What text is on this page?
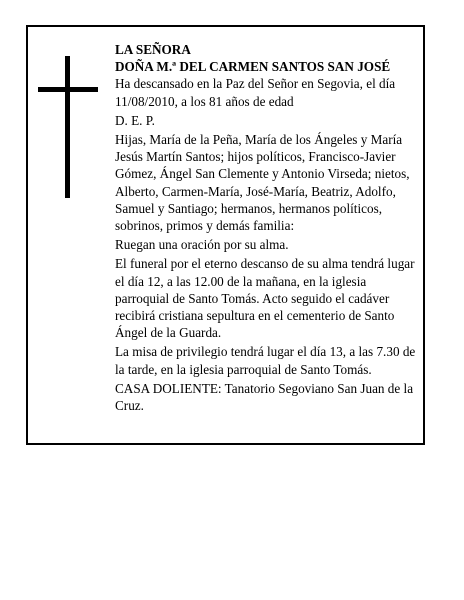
LA SEÑORA

DOÑA M.ª DEL CARMEN SANTOS SAN JOSÉ

Ha descansado en la Paz del Señor en Segovia, el día 11/08/2010, a los 81 años de edad

D. E. P.

Hijas, María de la Peña, María de los Ángeles y María Jesús Martín Santos; hijos políticos, Francisco-Javier Gómez, Ángel San Clemente y Antonio Virseda; nietos, Alberto, Carmen-María, José-María, Beatriz, Adolfo, Samuel y Santiago; hermanos, hermanos políticos, sobrinos, primos y demás familia:

Ruegan una oración por su alma.

El funeral por el eterno descanso de su alma tendrá lugar el día 12, a las 12.00 de la mañana, en la iglesia parroquial de Santo Tomás. Acto seguido el cadáver recibirá cristiana sepultura en el cementerio de Santo Ángel de la Guarda.

La misa de privilegio tendrá lugar el día 13, a las 7.30 de la tarde, en la iglesia parroquial de Santo Tomás.

CASA DOLIENTE: Tanatorio Segoviano San Juan de la Cruz.
